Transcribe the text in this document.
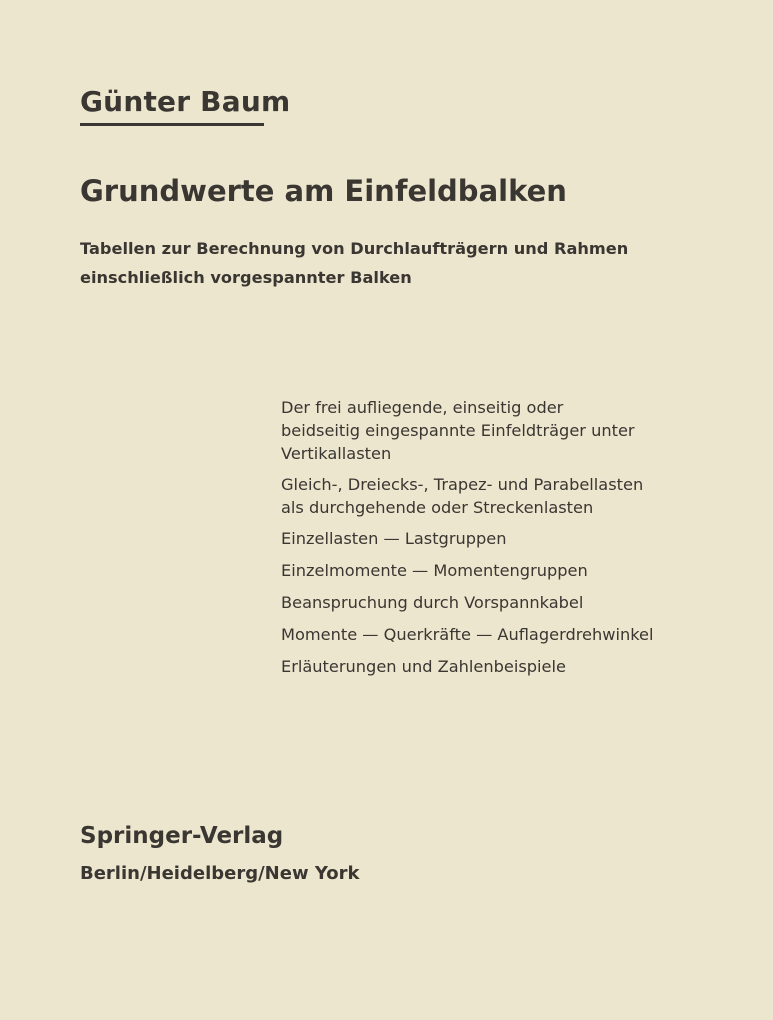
Günter Baum
Grundwerte am Einfeldbalken
Tabellen zur Berechnung von Durchlaufträgern und Rahmen
einschließlich vorgespannter Balken
Der frei aufliegende, einseitig oder
beidseitig eingespannte Einfeldträger unter
Vertikallasten
Gleich-, Dreiecks-, Trapez- und Parabellasten
als durchgehende oder Streckenlasten
Einzellasten — Lastgruppen
Einzelmomente — Momentengruppen
Beanspruchung durch Vorspannkabel
Momente — Querkräfte — Auflagerdrehwinkel
Erläuterungen und Zahlenbeispiele
Springer-Verlag
Berlin/Heidelberg/New York
